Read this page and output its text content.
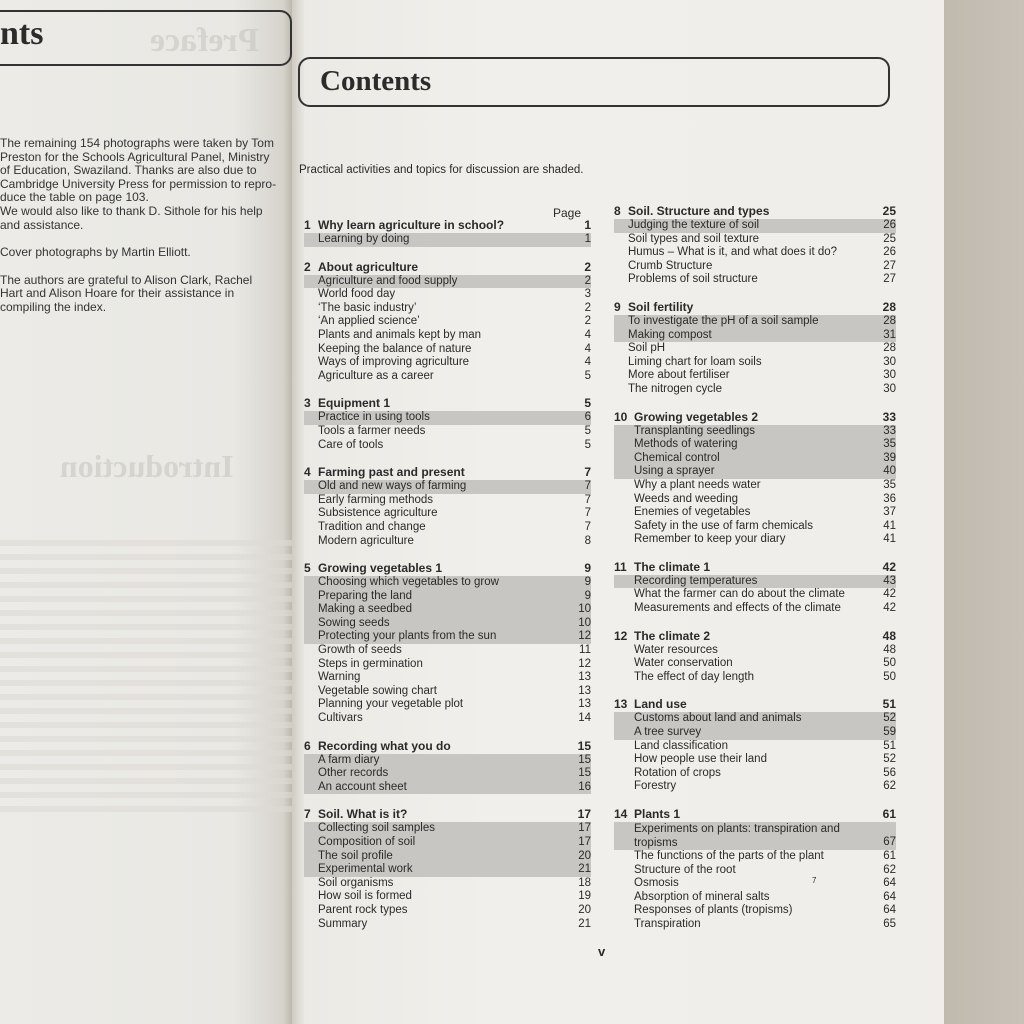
nts	Preface
Introduction

The remaining 154 photographs were taken by Tom

Preston for the Schools Agricultural Panel, Ministry

of Education, Swaziland. Thanks are also due to

Cambridge University Press for permission to repro-

duce the table on page 103.

We would also like to thank D. Sithole for his help

and assistance.

Cover photographs by Martin Elliott.

The authors are grateful to Alison Clark, Rachel

Hart and Alison Hoare for their assistance in

compiling the index.

Contents
Practical activities and topics for discussion are shaded.
Page
1 Why learn agriculture in school?	1
Learning by doing	1
2 About agriculture	2
Agriculture and food supply	2
World food day	3
‘The basic industry’	2
‘An applied science’	2
Plants and animals kept by man	4
Keeping the balance of nature	4
Ways of improving agriculture	4
Agriculture as a career	5
3 Equipment 1	5
Practice in using tools	6
Tools a farmer needs	5
Care of tools	5
4 Farming past and present	7
Old and new ways of farming	7
Early farming methods	7
Subsistence agriculture	7
Tradition and change	7
Modern agriculture	8
5 Growing vegetables 1	9
Choosing which vegetables to grow	9
Preparing the land	9
Making a seedbed	10
Sowing seeds	10
Protecting your plants from the sun	12
Growth of seeds	11
Steps in germination	12
Warning	13
Vegetable sowing chart	13
Planning your vegetable plot	13
Cultivars	14
6 Recording what you do	15
A farm diary	15
Other records	15
An account sheet	16
7 Soil. What is it?	17
Collecting soil samples	17
Composition of soil	17
The soil profile	20
Experimental work	21
Soil organisms	18
How soil is formed	19
Parent rock types	20
Summary	21
8 Soil. Structure and types	25
Judging the texture of soil	26
Soil types and soil texture	25
Humus – What is it, and what does it do?	26
Crumb Structure	27
Problems of soil structure	27
9 Soil fertility	28
To investigate the pH of a soil sample	28
Making compost	31
Soil pH	28
Liming chart for loam soils	30
More about fertiliser	30
The nitrogen cycle	30
10 Growing vegetables 2	33
Transplanting seedlings	33
Methods of watering	35
Chemical control	39
Using a sprayer	40
Why a plant needs water	35
Weeds and weeding	36
Enemies of vegetables	37
Safety in the use of farm chemicals	41
Remember to keep your diary	41
11 The climate 1	42
Recording temperatures	43
What the farmer can do about the climate	42
Measurements and effects of the climate	42
12 The climate 2	48
Water resources	48
Water conservation	50
The effect of day length	50
13 Land use	51
Customs about land and animals	52
A tree survey	59
Land classification	51
How people use their land	52
Rotation of crops	56
Forestry	62
14 Plants 1	61
Experiments on plants: transpiration and tropisms	67
The functions of the parts of the plant	61
Structure of the root	62
Osmosis	64
Absorption of mineral salts	64
Responses of plants (tropisms)	64
Transpiration	65
7
v
